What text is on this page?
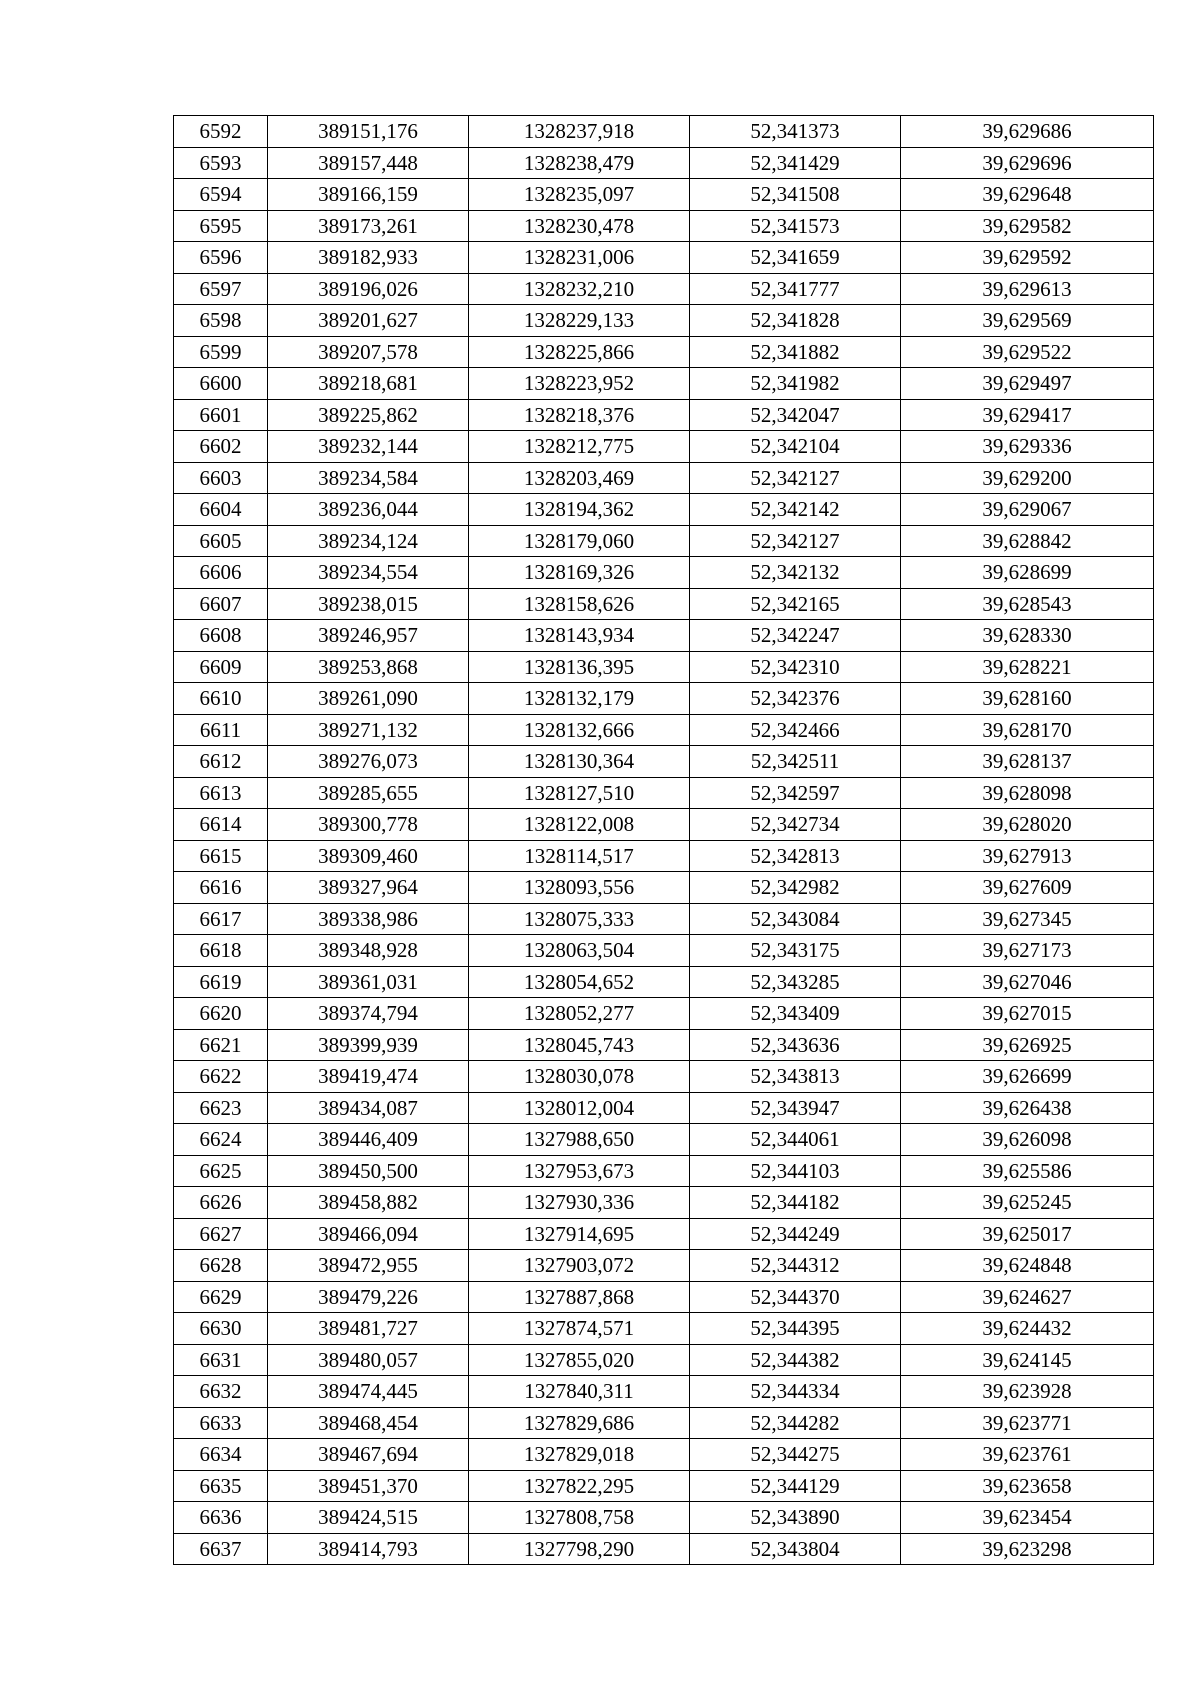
6592	389151,176	1328237,918	52,341373	39,629686
6593	389157,448	1328238,479	52,341429	39,629696
6594	389166,159	1328235,097	52,341508	39,629648
6595	389173,261	1328230,478	52,341573	39,629582
6596	389182,933	1328231,006	52,341659	39,629592
6597	389196,026	1328232,210	52,341777	39,629613
6598	389201,627	1328229,133	52,341828	39,629569
6599	389207,578	1328225,866	52,341882	39,629522
6600	389218,681	1328223,952	52,341982	39,629497
6601	389225,862	1328218,376	52,342047	39,629417
6602	389232,144	1328212,775	52,342104	39,629336
6603	389234,584	1328203,469	52,342127	39,629200
6604	389236,044	1328194,362	52,342142	39,629067
6605	389234,124	1328179,060	52,342127	39,628842
6606	389234,554	1328169,326	52,342132	39,628699
6607	389238,015	1328158,626	52,342165	39,628543
6608	389246,957	1328143,934	52,342247	39,628330
6609	389253,868	1328136,395	52,342310	39,628221
6610	389261,090	1328132,179	52,342376	39,628160
6611	389271,132	1328132,666	52,342466	39,628170
6612	389276,073	1328130,364	52,342511	39,628137
6613	389285,655	1328127,510	52,342597	39,628098
6614	389300,778	1328122,008	52,342734	39,628020
6615	389309,460	1328114,517	52,342813	39,627913
6616	389327,964	1328093,556	52,342982	39,627609
6617	389338,986	1328075,333	52,343084	39,627345
6618	389348,928	1328063,504	52,343175	39,627173
6619	389361,031	1328054,652	52,343285	39,627046
6620	389374,794	1328052,277	52,343409	39,627015
6621	389399,939	1328045,743	52,343636	39,626925
6622	389419,474	1328030,078	52,343813	39,626699
6623	389434,087	1328012,004	52,343947	39,626438
6624	389446,409	1327988,650	52,344061	39,626098
6625	389450,500	1327953,673	52,344103	39,625586
6626	389458,882	1327930,336	52,344182	39,625245
6627	389466,094	1327914,695	52,344249	39,625017
6628	389472,955	1327903,072	52,344312	39,624848
6629	389479,226	1327887,868	52,344370	39,624627
6630	389481,727	1327874,571	52,344395	39,624432
6631	389480,057	1327855,020	52,344382	39,624145
6632	389474,445	1327840,311	52,344334	39,623928
6633	389468,454	1327829,686	52,344282	39,623771
6634	389467,694	1327829,018	52,344275	39,623761
6635	389451,370	1327822,295	52,344129	39,623658
6636	389424,515	1327808,758	52,343890	39,623454
6637	389414,793	1327798,290	52,343804	39,623298
